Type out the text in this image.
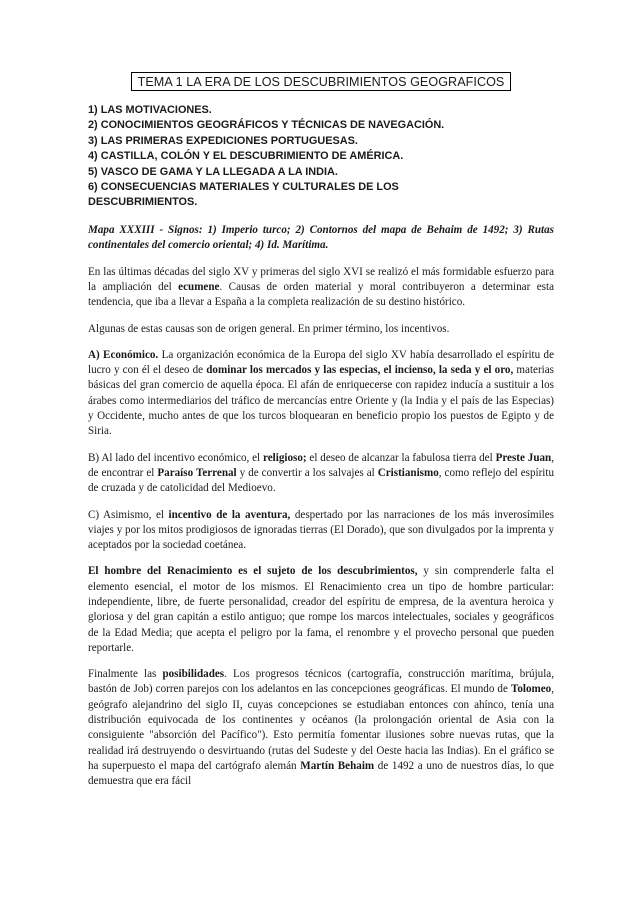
TEMA 1 LA ERA DE LOS DESCUBRIMIENTOS GEOGRAFICOS
1) LAS MOTIVACIONES.
2) CONOCIMIENTOS GEOGRÁFICOS Y TÉCNICAS DE NAVEGACIÓN.
3) LAS PRIMERAS EXPEDICIONES PORTUGUESAS.
4) CASTILLA, COLÓN Y EL DESCUBRIMIENTO DE AMÉRICA.
5) VASCO DE GAMA Y LA LLEGADA A LA INDIA.
6) CONSECUENCIAS MATERIALES Y CULTURALES DE LOS
DESCUBRIMIENTOS.
Mapa XXXIII - Signos: 1) Imperio turco; 2) Contornos del mapa de Behaim de 1492; 3) Rutas continentales del comercio oriental; 4) Id. Marítima.

En las últimas décadas del siglo XV y primeras del siglo XVI se realizó el más formidable esfuerzo para la ampliación del ecumene. Causas de orden material y moral contribuyeron a determinar esta tendencia, que iba a llevar a España a la completa realización de su destino histórico.

Algunas de estas causas son de origen general. En primer término, los incentivos.

A) Económico. La organización económica de la Europa del siglo XV había desarrollado el espíritu de lucro y con él el deseo de dominar los mercados y las especias, el incienso, la seda y el oro, materias básicas del gran comercio de aquella época. El afán de enriquecerse con rapidez inducía a sustituir a los árabes como intermediarios del tráfico de mercancías entre Oriente y (la India y el país de las Especias) y Occidente, mucho antes de que los turcos bloquearan en beneficio propio los puestos de Egipto y de Siria.

B) Al lado del incentivo económico, el religioso; el deseo de alcanzar la fabulosa tierra del Preste Juan, de encontrar el Paraíso Terrenal y de convertir a los salvajes al Cristianismo, como reflejo del espíritu de cruzada y de catolicidad del Medioevo.

C) Asimismo, el incentivo de la aventura, despertado por las narraciones de los más inverosímiles viajes y por los mitos prodigiosos de ignoradas tierras (El Dorado), que son divulgados por la imprenta y aceptados por la sociedad coetánea.

El hombre del Renacimiento es el sujeto de los descubrimientos, y sin comprenderle falta el elemento esencial, el motor de los mismos. El Renacimiento crea un tipo de hombre particular: independiente, libre, de fuerte personalidad, creador del espíritu de empresa, de la aventura heroica y gloriosa y del gran capitán a estilo antiguo; que rompe los marcos intelectuales, sociales y geográficos de la Edad Media; que acepta el peligro por la fama, el renombre y el provecho personal que pueden reportarle.

Finalmente las posibilidades. Los progresos técnicos (cartografía, construcción marítima, brújula, bastón de Job) corren parejos con los adelantos en las concepciones geográficas. El mundo de Tolomeo, geógrafo alejandrino del siglo II, cuyas concepciones se estudiaban entonces con ahínco, tenía una distribución equivocada de los continentes y océanos (la prolongación oriental de Asia con la consiguiente "absorción del Pacífico"). Esto permitía fomentar ilusiones sobre nuevas rutas, que la realidad irá destruyendo o desvirtuando (rutas del Sudeste y del Oeste hacia las Indias). En el gráfico se ha superpuesto el mapa del cartógrafo alemán Martín Behaim de 1492 a uno de nuestros días, lo que demuestra que era fácil
